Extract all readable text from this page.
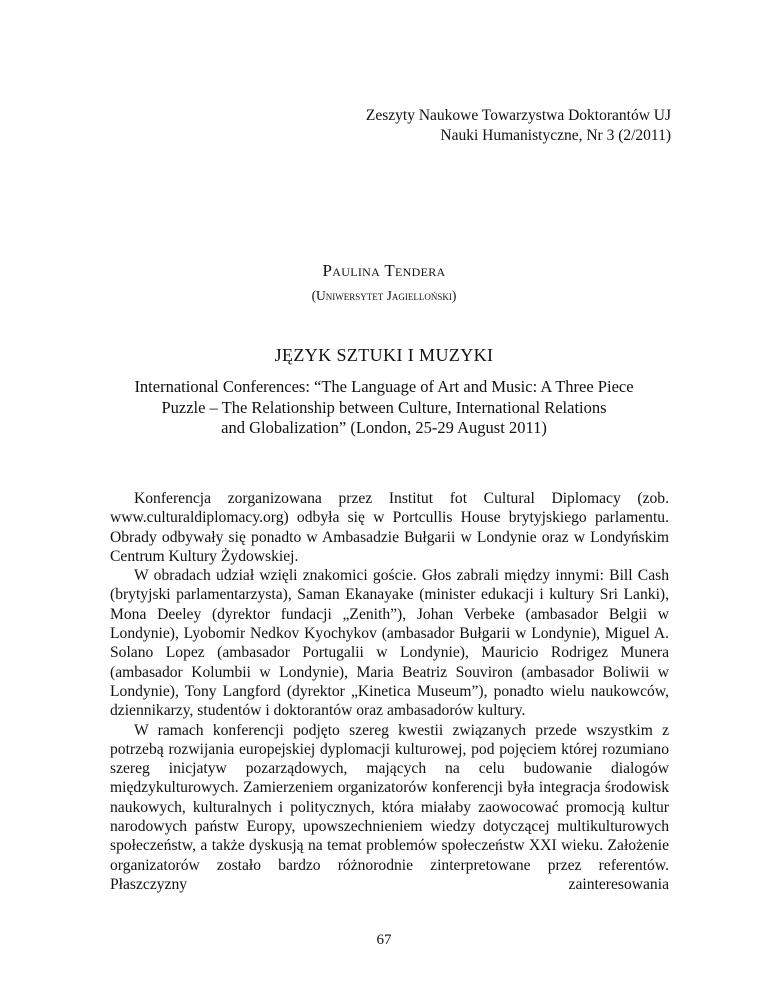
Zeszyty Naukowe Towarzystwa Doktorantów UJ
Nauki Humanistyczne, Nr 3 (2/2011)
Paulina Tendera
(Uniwersytet Jagielloński)
JĘZYK SZTUKI I MUZYKI
International Conferences: “The Language of Art and Music: A Three Piece
Puzzle – The Relationship between Culture, International Relations
and Globalization” (London, 25-29 August 2011)

Konferencja zorganizowana przez Institut fot Cultural Diplomacy (zob. www.culturaldiplomacy.org) odbyła się w Portcullis House brytyjskiego parlamentu. Obrady odbywały się ponadto w Ambasadzie Bułgarii w Londynie oraz w Londyńskim Centrum Kultury Żydowskiej.

W obradach udział wzięli znakomici goście. Głos zabrali między innymi: Bill Cash (brytyjski parlamentarzysta), Saman Ekanayake (minister edukacji i kultury Sri Lanki), Mona Deeley (dyrektor fundacji „Zenith”), Johan Verbeke (ambasador Belgii w Londynie), Lyobomir Nedkov Kyochykov (ambasador Bułgarii w Londynie), Miguel A. Solano Lopez (ambasador Portugalii w Londynie), Mauricio Rodrigez Munera (ambasador Kolumbii w Londynie), Maria Beatriz Souviron (ambasador Boliwii w Londynie), Tony Langford (dyrektor „Kinetica Museum”), ponadto wielu naukowców, dziennikarzy, studentów i doktorantów oraz ambasadorów kultury.

W ramach konferencji podjęto szereg kwestii związanych przede wszystkim z potrzebą rozwijania europejskiej dyplomacji kulturowej, pod pojęciem której rozumiano szereg inicjatyw pozarządowych, mających na celu budowanie dialogów międzykulturowych. Zamierzeniem organizatorów konferencji była integracja środowisk naukowych, kulturalnych i politycznych, która miałaby zaowocować promocją kultur narodowych państw Europy, upowszechnieniem wiedzy dotyczącej multikulturowych społeczeństw, a także dyskusją na temat problemów społeczeństw XXI wieku. Założenie organizatorów zostało bardzo różnorodnie zinterpretowane przez referentów. Płaszczyzny zainteresowania

67
